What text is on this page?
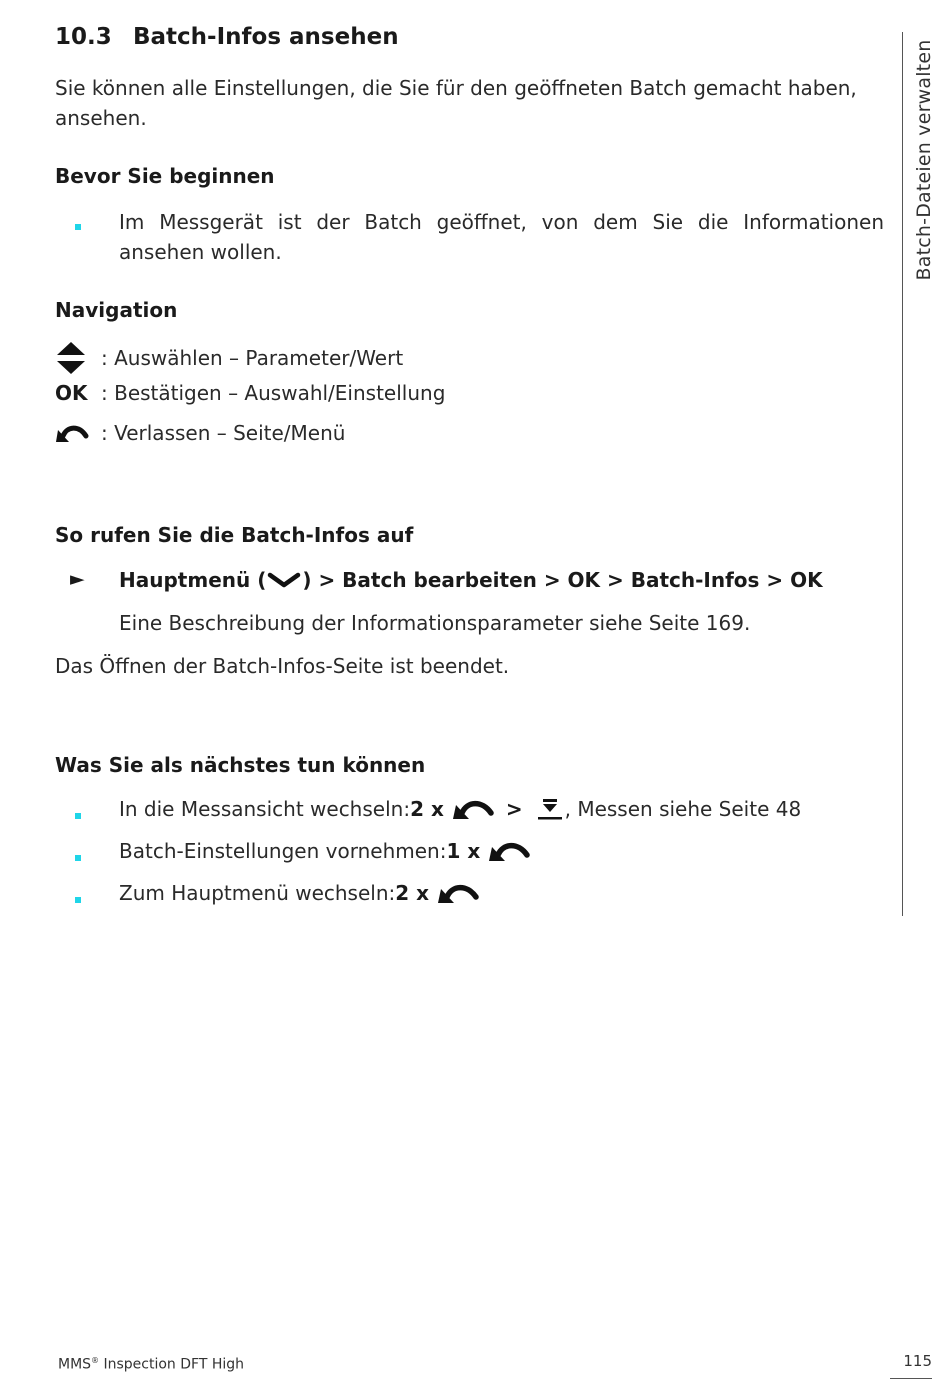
10.3 Batch-Infos ansehen
Sie können alle Einstellungen, die Sie für den geöffneten Batch gemacht haben, ansehen.
Bevor Sie beginnen
Im Messgerät ist der Batch geöffnet, von dem Sie die Informationen ansehen wollen.
Navigation
: Auswählen – Parameter/Wert
OK : Bestätigen – Auswahl/Einstellung
: Verlassen – Seite/Menü
So rufen Sie die Batch-Infos auf
► Hauptmenü ( ) > Batch bearbeiten > OK > Batch-Infos > OK
Eine Beschreibung der Informationsparameter siehe Seite 169.
Das Öffnen der Batch-Infos-Seite ist beendet.
Was Sie als nächstes tun können
In die Messansicht wechseln: 2 x	> , Messen siehe Seite 48
Batch-Einstellungen vornehmen: 1 x
Zum Hauptmenü wechseln: 2 x
Batch-Dateien verwalten
MMS® Inspection DFT High	115
